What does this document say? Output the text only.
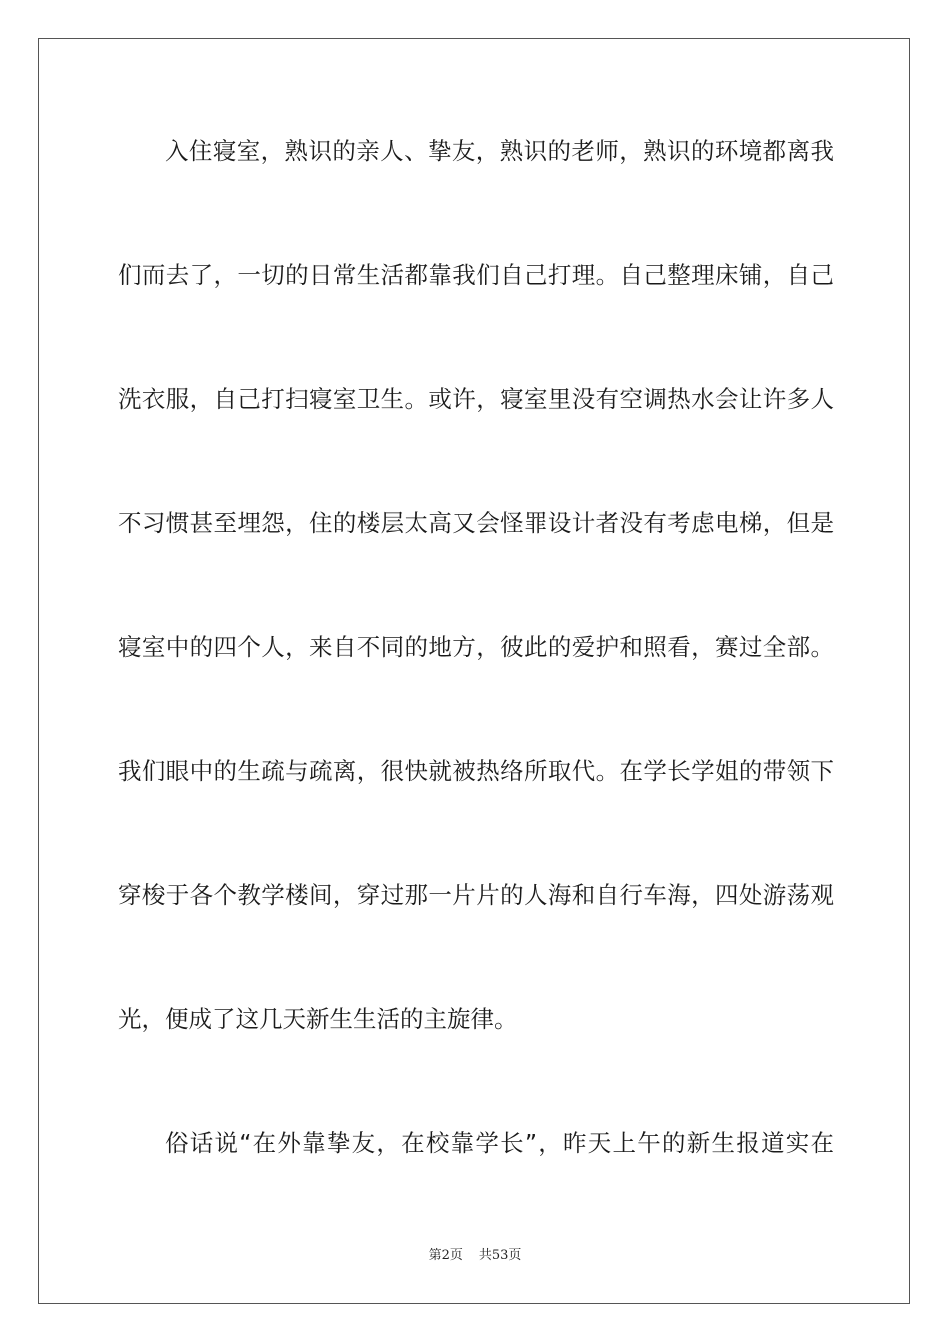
入住寝室，熟识的亲人、挚友，熟识的老师，熟识的环境都离我
们而去了，一切的日常生活都靠我们自己打理。自己整理床铺，自己
洗衣服，自己打扫寝室卫生。或许，寝室里没有空调热水会让许多人
不习惯甚至埋怨，住的楼层太高又会怪罪设计者没有考虑电梯，但是
寝室中的四个人，来自不同的地方，彼此的爱护和照看，赛过全部。
我们眼中的生疏与疏离，很快就被热络所取代。在学长学姐的带领下
穿梭于各个教学楼间，穿过那一片片的人海和自行车海，四处游荡观
光，便成了这几天新生生活的主旋律。
俗话说“在外靠挚友，在校靠学长”，昨天上午的新生报道实在
第2页 共53页
